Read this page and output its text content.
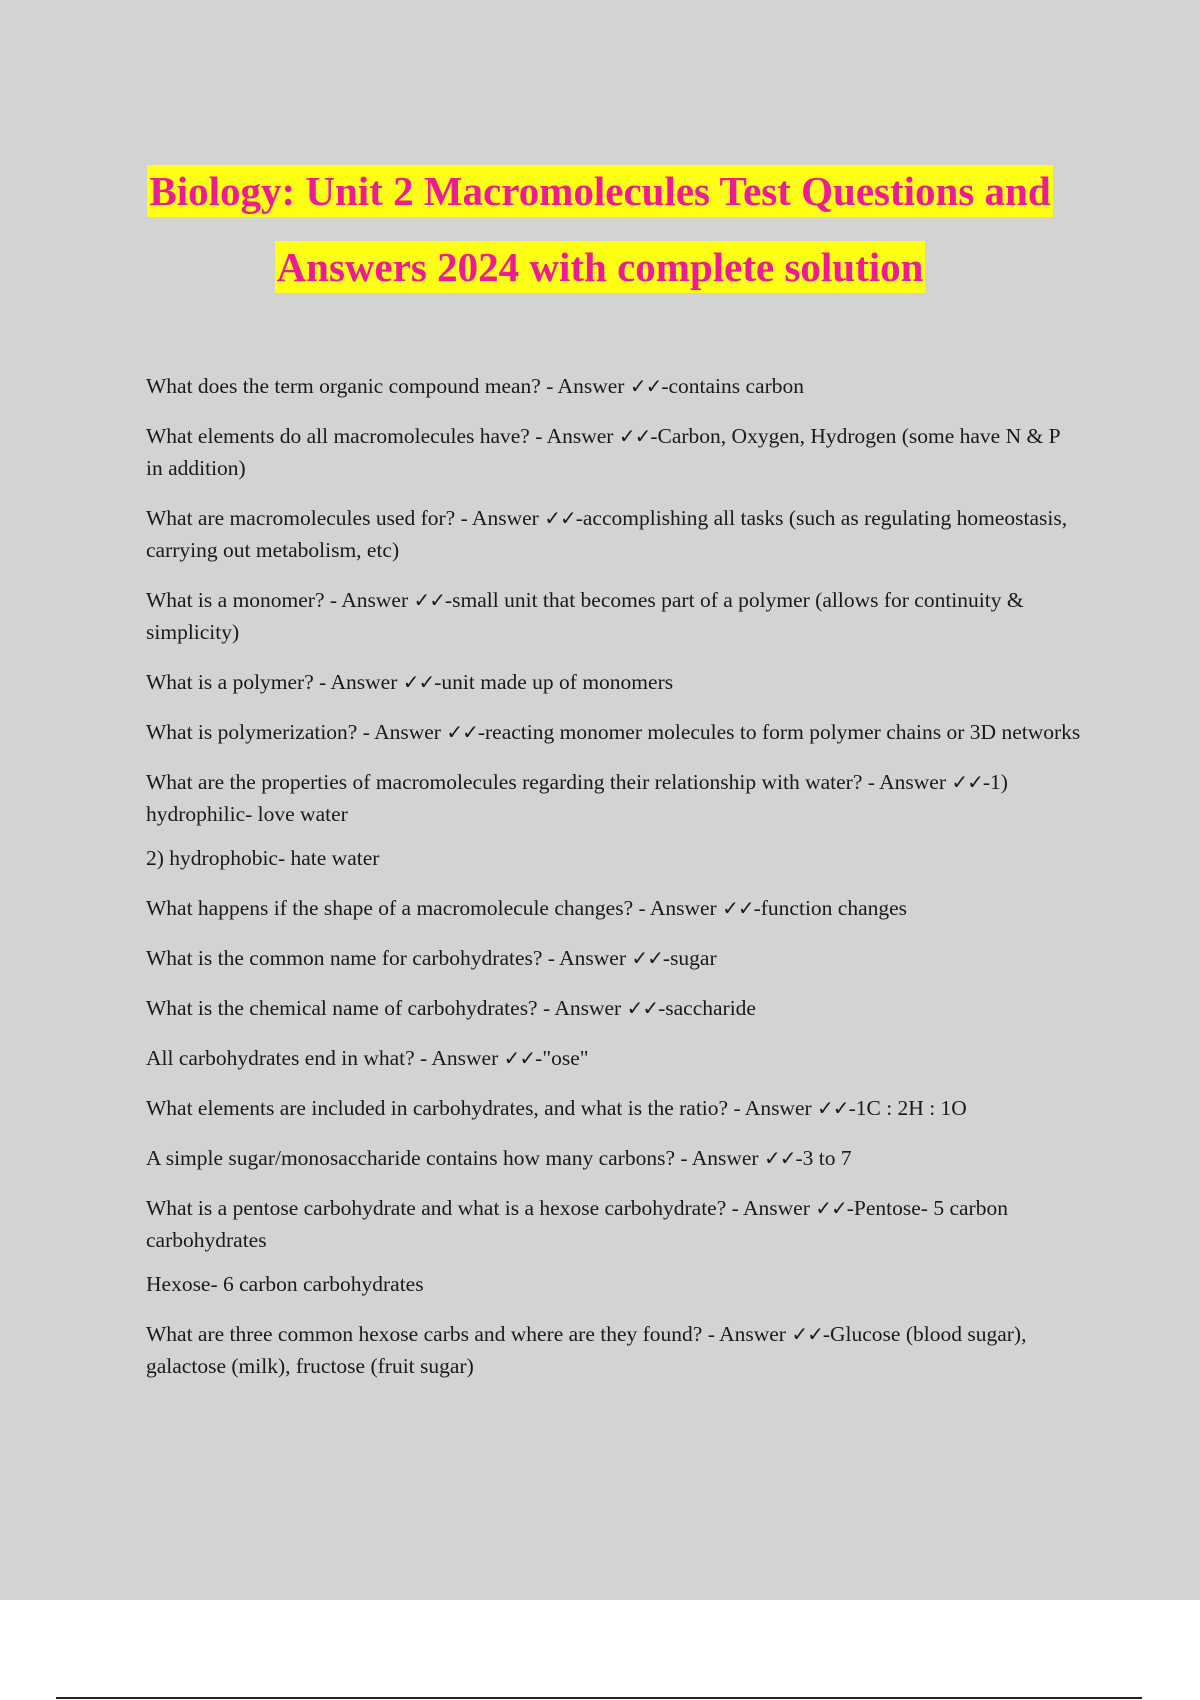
Biology: Unit 2 Macromolecules Test Questions and
Answers 2024 with complete solution

What does the term organic compound mean? - Answer ✓✓-contains carbon

What elements do all macromolecules have? - Answer ✓✓-Carbon, Oxygen, Hydrogen (some have N & P in addition)

What are macromolecules used for? - Answer ✓✓-accomplishing all tasks (such as regulating homeostasis, carrying out metabolism, etc)

What is a monomer? - Answer ✓✓-small unit that becomes part of a polymer (allows for continuity & simplicity)

What is a polymer? - Answer ✓✓-unit made up of monomers

What is polymerization? - Answer ✓✓-reacting monomer molecules to form polymer chains or 3D networks

What are the properties of macromolecules regarding their relationship with water? - Answer ✓✓-1) hydrophilic- love water

2) hydrophobic- hate water

What happens if the shape of a macromolecule changes? - Answer ✓✓-function changes

What is the common name for carbohydrates? - Answer ✓✓-sugar

What is the chemical name of carbohydrates? - Answer ✓✓-saccharide

All carbohydrates end in what? - Answer ✓✓-"ose"

What elements are included in carbohydrates, and what is the ratio? - Answer ✓✓-1C : 2H : 1O

A simple sugar/monosaccharide contains how many carbons? - Answer ✓✓-3 to 7

What is a pentose carbohydrate and what is a hexose carbohydrate? - Answer ✓✓-Pentose- 5 carbon carbohydrates

Hexose- 6 carbon carbohydrates

What are three common hexose carbs and where are they found? - Answer ✓✓-Glucose (blood sugar), galactose (milk), fructose (fruit sugar)
